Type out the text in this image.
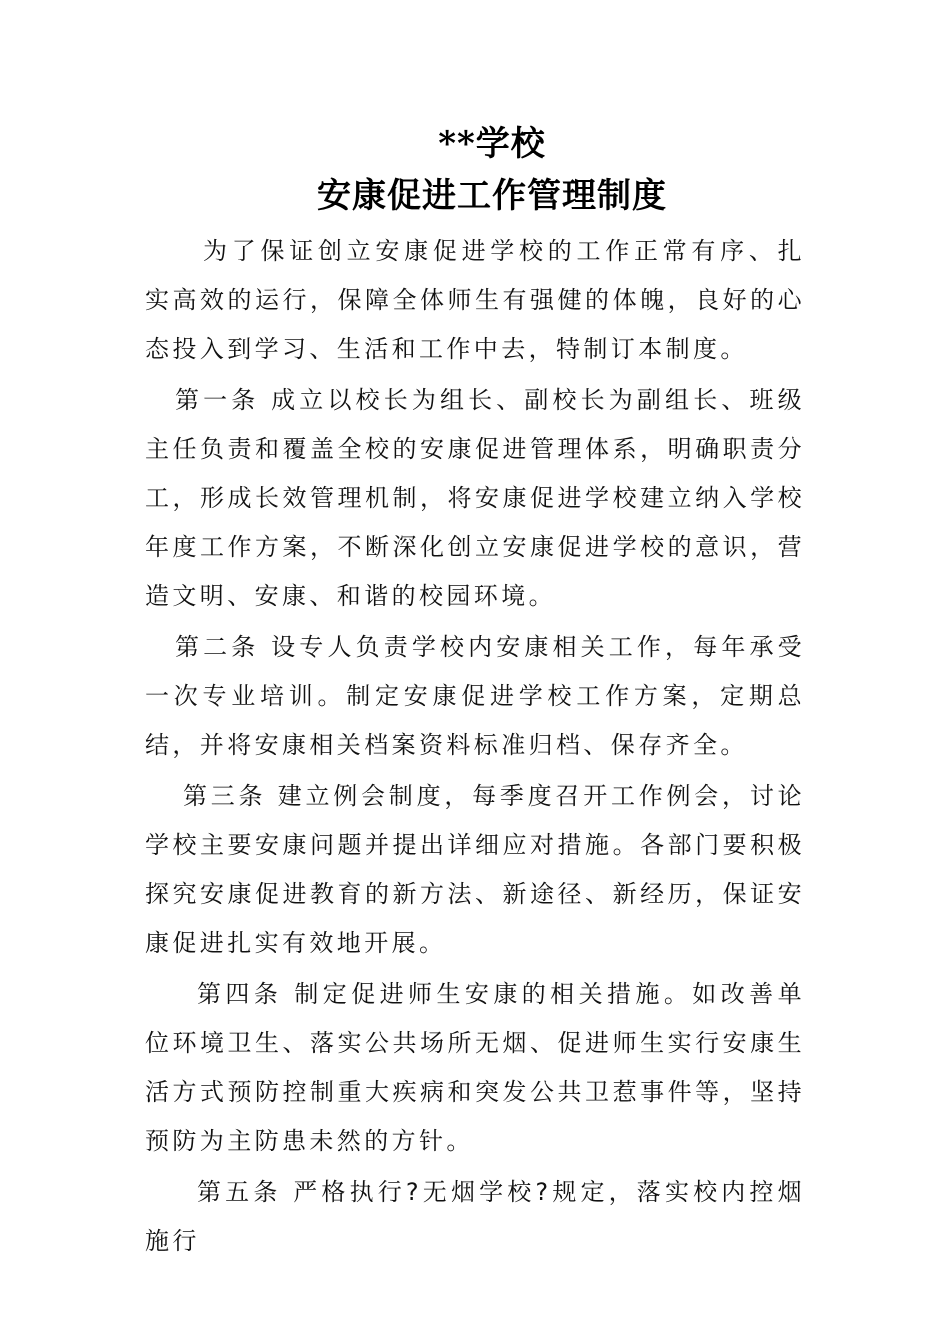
**学校

安康促进工作管理制度

为了保证创立安康促进学校的工作正常有序、扎实高效的运行，保障全体师生有强健的体魄，良好的心态投入到学习、生活和工作中去，特制订本制度。

第一条 成立以校长为组长、副校长为副组长、班级主任负责和覆盖全校的安康促进管理体系，明确职责分工，形成长效管理机制，将安康促进学校建立纳入学校年度工作方案，不断深化创立安康促进学校的意识，营造文明、安康、和谐的校园环境。

第二条 设专人负责学校内安康相关工作，每年承受一次专业培训。制定安康促进学校工作方案，定期总结，并将安康相关档案资料标准归档、保存齐全。

第三条 建立例会制度，每季度召开工作例会，讨论学校主要安康问题并提出详细应对措施。各部门要积极探究安康促进教育的新方法、新途径、新经历，保证安康促进扎实有效地开展。

第四条 制定促进师生安康的相关措施。如改善单位环境卫生、落实公共场所无烟、促进师生实行安康生活方式预防控制重大疾病和突发公共卫惹事件等，坚持预防为主防患未然的方针。

第五条 严格执行?无烟学校?规定，落实校内控烟施行
